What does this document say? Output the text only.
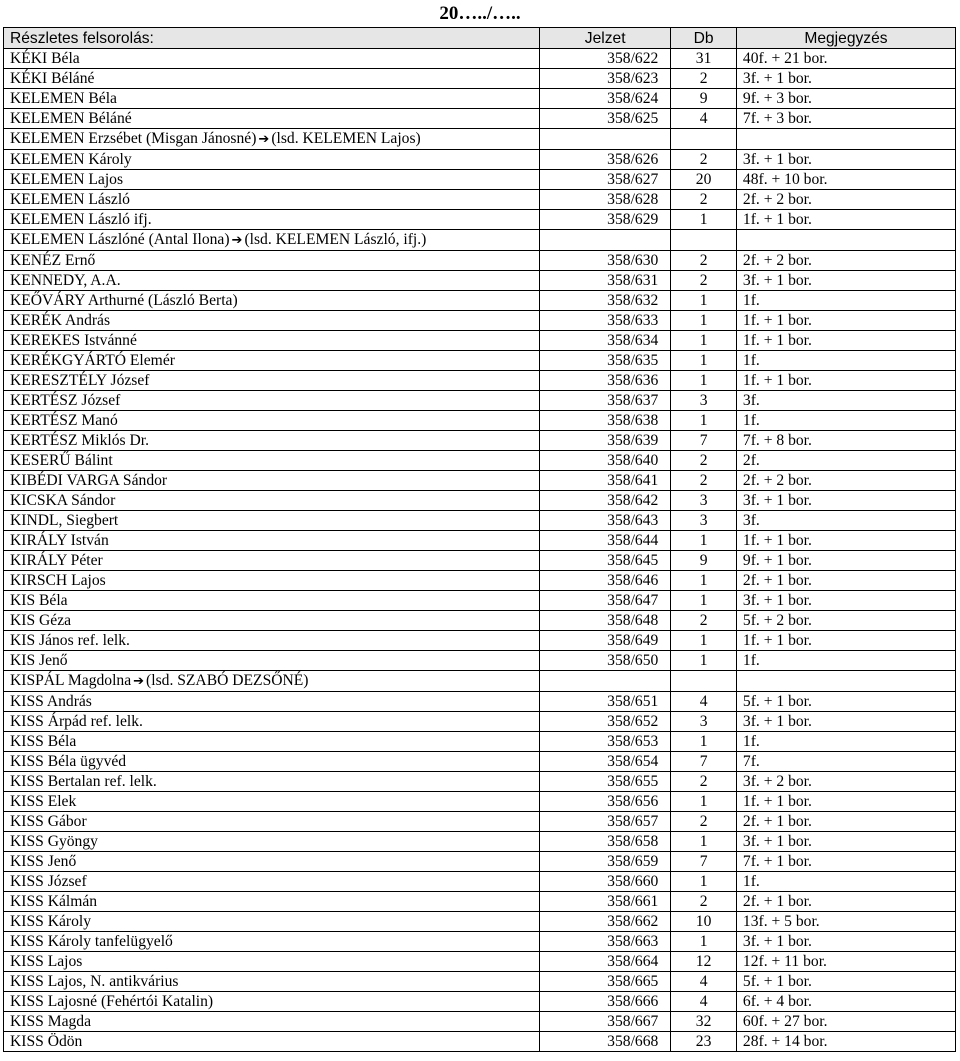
20…../…..
Részletes felsorolás:	Jelzet	Db	Megjegyzés
KÉKI Béla	358/622	31	40f. + 21 bor.
KÉKI Béláné	358/623	2	3f. + 1 bor.
KELEMEN Béla	358/624	9	9f. + 3 bor.
KELEMEN Béláné	358/625	4	7f. + 3 bor.
KELEMEN Erzsébet (Misgan Jánosné) ➔ (lsd. KELEMEN Lajos)			
KELEMEN Károly	358/626	2	3f. + 1 bor.
KELEMEN Lajos	358/627	20	48f. + 10 bor.
KELEMEN László	358/628	2	2f. + 2 bor.
KELEMEN László ifj.	358/629	1	1f. + 1 bor.
KELEMEN Lászlóné (Antal Ilona) ➔ (lsd. KELEMEN László, ifj.)			
KENÉZ Ernő	358/630	2	2f. + 2 bor.
KENNEDY, A.A.	358/631	2	3f. + 1 bor.
KEŐVÁRY Arthurné (László Berta)	358/632	1	1f.
KERÉK András	358/633	1	1f. + 1 bor.
KEREKES Istvánné	358/634	1	1f. + 1 bor.
KERÉKGYÁRTÓ Elemér	358/635	1	1f.
KERESZTÉLY József	358/636	1	1f. + 1 bor.
KERTÉSZ József	358/637	3	3f.
KERTÉSZ Manó	358/638	1	1f.
KERTÉSZ Miklós Dr.	358/639	7	7f. + 8 bor.
KESERŰ Bálint	358/640	2	2f.
KIBÉDI VARGA Sándor	358/641	2	2f. + 2 bor.
KICSKA Sándor	358/642	3	3f. + 1 bor.
KINDL, Siegbert	358/643	3	3f.
KIRÁLY István	358/644	1	1f. + 1 bor.
KIRÁLY Péter	358/645	9	9f. + 1 bor.
KIRSCH Lajos	358/646	1	2f. + 1 bor.
KIS Béla	358/647	1	3f. + 1 bor.
KIS Géza	358/648	2	5f. + 2 bor.
KIS János ref. lelk.	358/649	1	1f. + 1 bor.
KIS Jenő	358/650	1	1f.
KISPÁL Magdolna ➔ (lsd. SZABÓ DEZSŐNÉ)			
KISS András	358/651	4	5f. + 1 bor.
KISS Árpád ref. lelk.	358/652	3	3f. + 1 bor.
KISS Béla	358/653	1	1f.
KISS Béla ügyvéd	358/654	7	7f.
KISS Bertalan ref. lelk.	358/655	2	3f. + 2 bor.
KISS Elek	358/656	1	1f. + 1 bor.
KISS Gábor	358/657	2	2f. + 1 bor.
KISS Gyöngy	358/658	1	3f. + 1 bor.
KISS Jenő	358/659	7	7f. + 1 bor.
KISS József	358/660	1	1f.
KISS Kálmán	358/661	2	2f. + 1 bor.
KISS Károly	358/662	10	13f. + 5 bor.
KISS Károly tanfelügyelő	358/663	1	3f. + 1 bor.
KISS Lajos	358/664	12	12f. + 11 bor.
KISS Lajos, N. antikvárius	358/665	4	5f. + 1 bor.
KISS Lajosné (Fehértói Katalin)	358/666	4	6f. + 4 bor.
KISS Magda	358/667	32	60f. + 27 bor.
KISS Ödön	358/668	23	28f. + 14 bor.
